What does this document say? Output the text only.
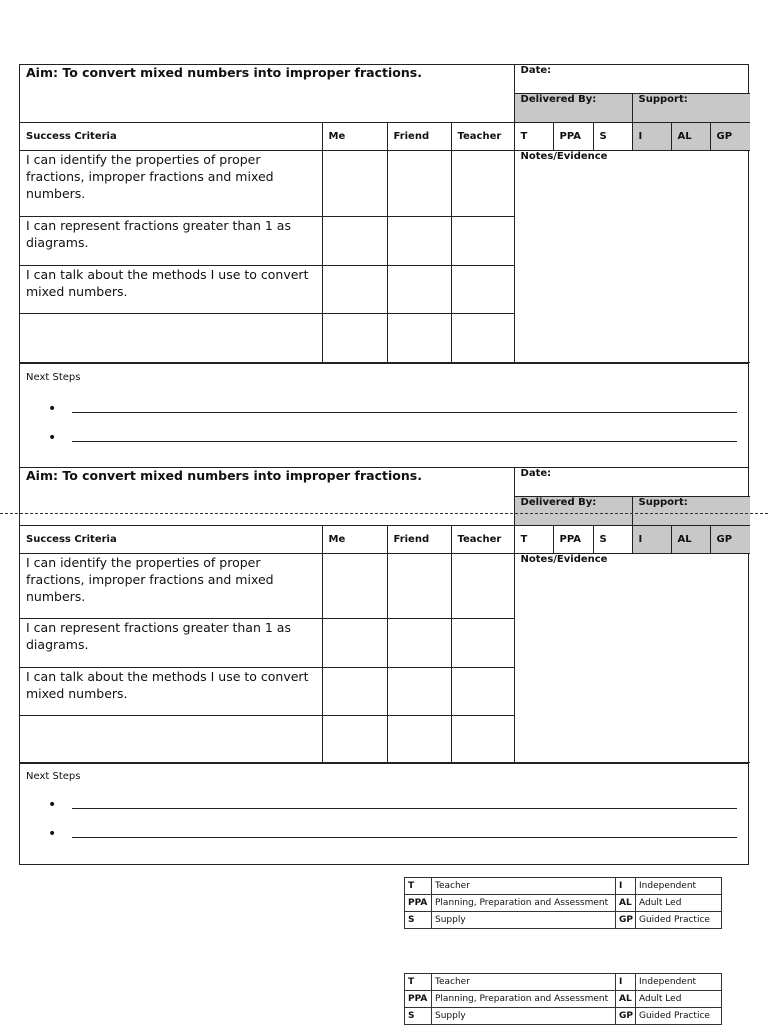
Aim: To convert mixed numbers into improper fractions.				Date:					
				Delivered By:			Support:		
Success Criteria	Me	Friend	Teacher	T	PPA	S	I	AL	GP
I can identify the properties of proper fractions, improper fractions and mixed numbers.				Notes/Evidence					
I can represent fractions greater than 1 as diagrams.									
I can talk about the methods I use to convert mixed numbers.									

Next Steps
•
•
Aim: To convert mixed numbers into improper fractions.				Date:					
				Delivered By:			Support:		
Success Criteria	Me	Friend	Teacher	T	PPA	S	I	AL	GP
I can identify the properties of proper fractions, improper fractions and mixed numbers.				Notes/Evidence					
I can represent fractions greater than 1 as diagrams.									
I can talk about the methods I use to convert mixed numbers.									

Next Steps
•
•
T	Teacher	I	Independent
PPA	Planning, Preparation and Assessment	AL	Adult Led
S	Supply	GP	Guided Practice
T	Teacher	I	Independent
PPA	Planning, Preparation and Assessment	AL	Adult Led
S	Supply	GP	Guided Practice
